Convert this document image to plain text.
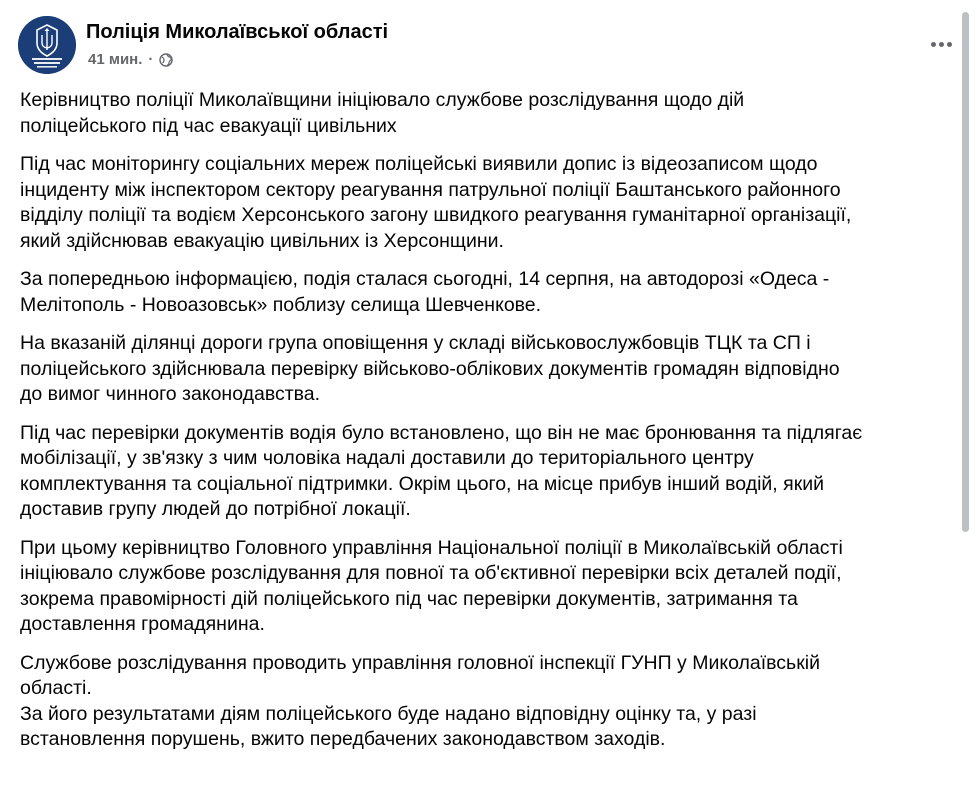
Поліція Миколаївської області
41 мин. ·

Керівництво поліції Миколаївщини ініціювало службове розслідування щодо дій
поліцейського під час евакуації цивільних

Під час моніторингу соціальних мереж поліцейські виявили допис із відеозаписом щодо
інциденту між інспектором сектору реагування патрульної поліції Баштанського районного
відділу поліції та водієм Херсонського загону швидкого реагування гуманітарної організації,
який здійснював евакуацію цивільних із Херсонщини.

За попередньою інформацією, подія сталася сьогодні, 14 серпня, на автодорозі «Одеса -
Мелітополь - Новоазовськ» поблизу селища Шевченкове.

На вказаній ділянці дороги група оповіщення у складі військовослужбовців ТЦК та СП і
поліцейського здійснювала перевірку військово-облікових документів громадян відповідно
до вимог чинного законодавства.

Під час перевірки документів водія було встановлено, що він не має бронювання та підлягає
мобілізації, у зв'язку з чим чоловіка надалі доставили до територіального центру
комплектування та соціальної підтримки. Окрім цього, на місце прибув інший водій, який
доставив групу людей до потрібної локації.

При цьому керівництво Головного управління Національної поліції в Миколаївській області
ініціювало службове розслідування для повної та об'єктивної перевірки всіх деталей події,
зокрема правомірності дій поліцейського під час перевірки документів, затримання та
доставлення громадянина.

Службове розслідування проводить управління головної інспекції ГУНП у Миколаївській
області.
За його результатами діям поліцейського буде надано відповідну оцінку та, у разі
встановлення порушень, вжито передбачених законодавством заходів.
